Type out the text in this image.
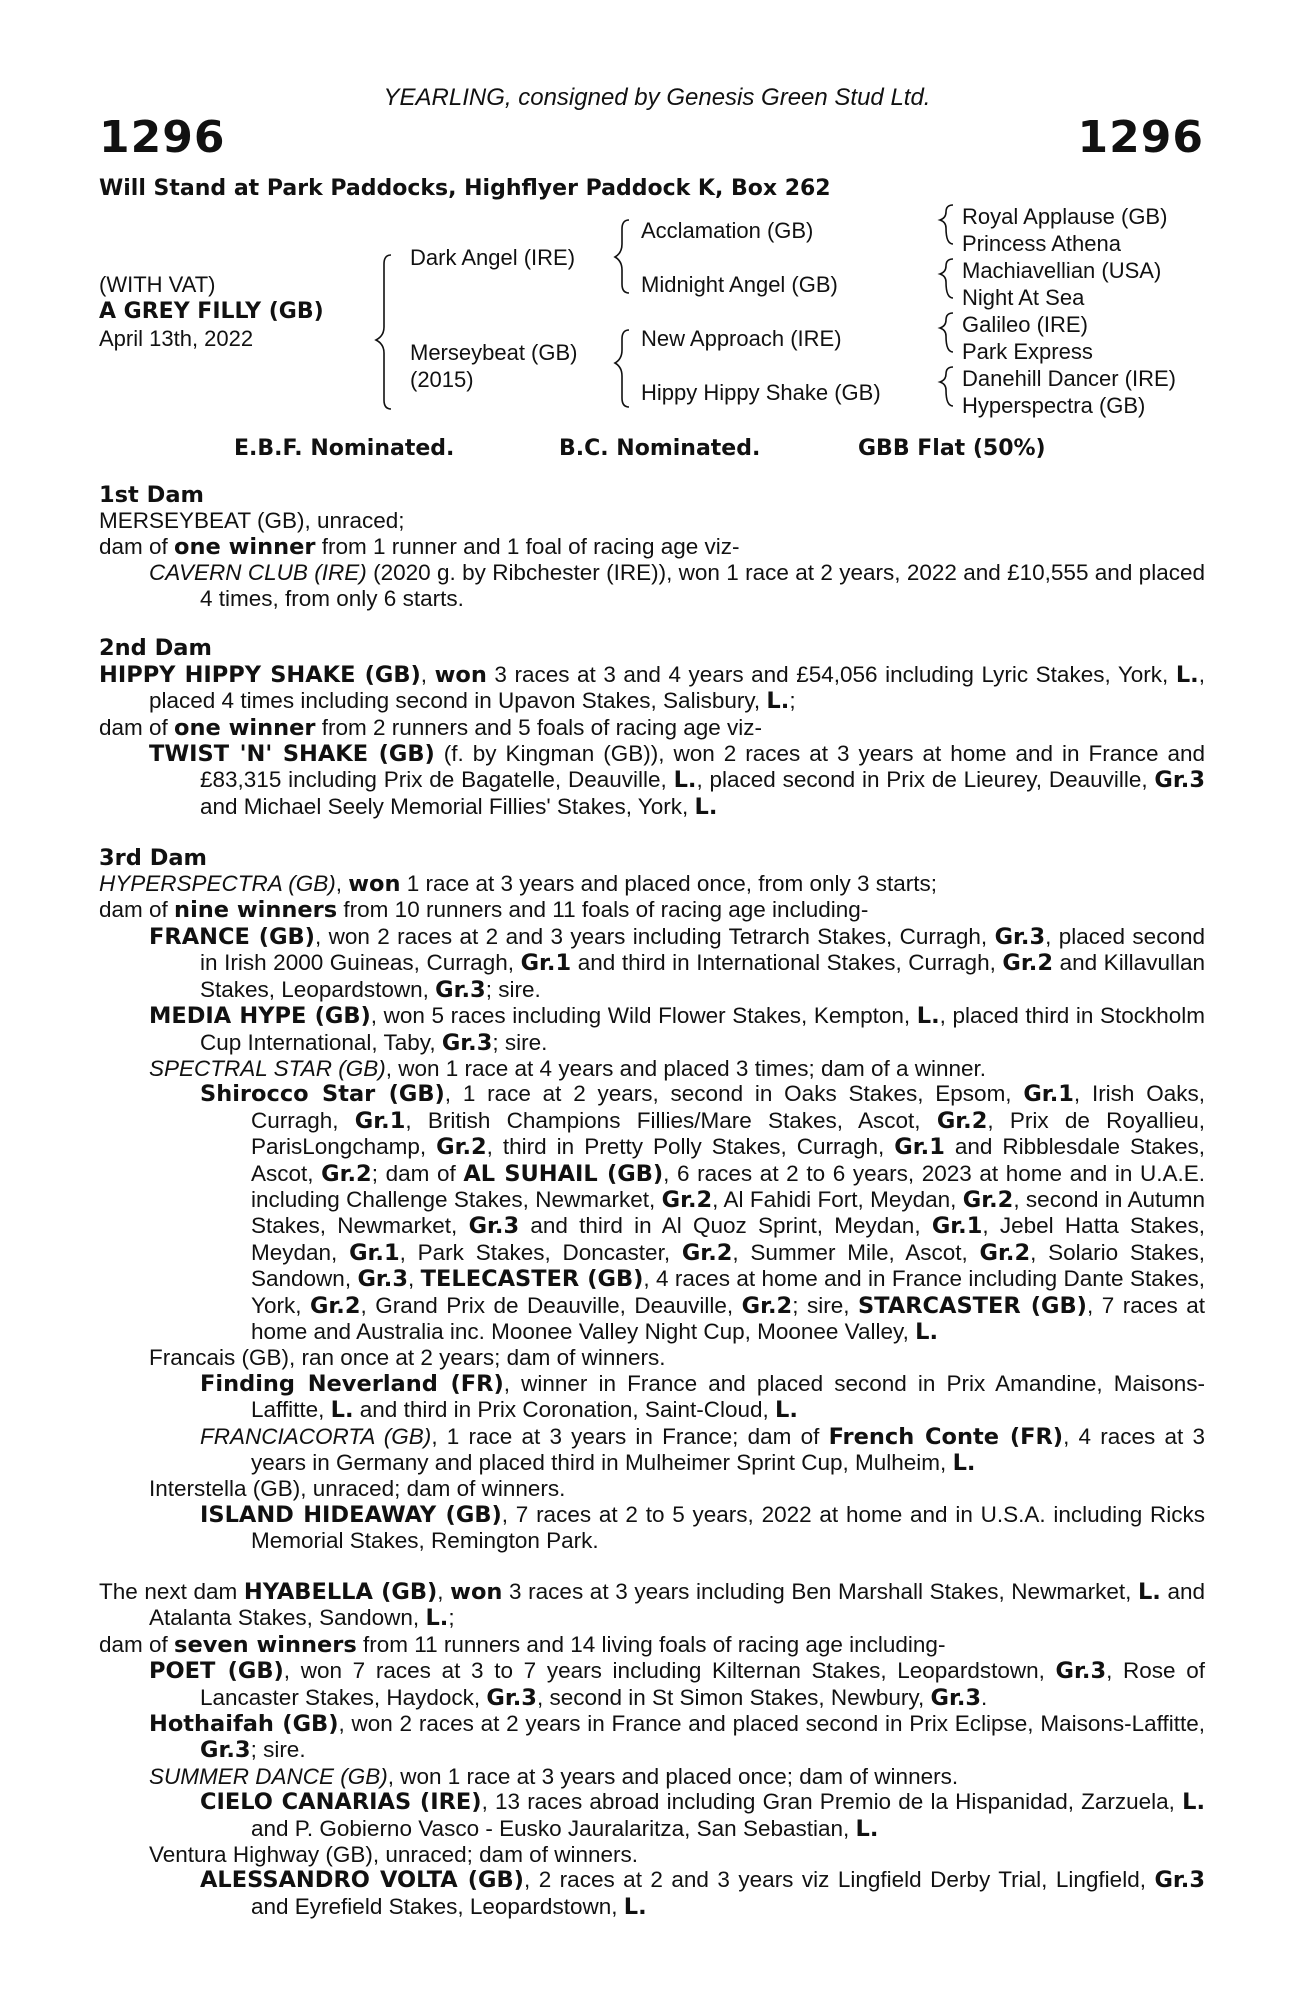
YEARLING, consigned by Genesis Green Stud Ltd.
1296	1296
Will Stand at Park Paddocks, Highflyer Paddock K, Box 262
(WITH VAT)
A GREY FILLY (GB)
April 13th, 2022
Dark Angel (IRE)
Merseybeat (GB)
(2015)
Acclamation (GB)
Midnight Angel (GB)
New Approach (IRE)
Hippy Hippy Shake (GB)
Royal Applause (GB)
Princess Athena
Machiavellian (USA)
Night At Sea
Galileo (IRE)
Park Express
Danehill Dancer (IRE)
Hyperspectra (GB)
E.B.F. Nominated.	B.C. Nominated.	GBB Flat (50%)

1st Dam

MERSEYBEAT (GB), unraced;

dam of one winner from 1 runner and 1 foal of racing age viz-

CAVERN CLUB (IRE) (2020 g. by Ribchester (IRE)), won 1 race at 2 years, 2022 and £10,555 and placed 4 times, from only 6 starts.

2nd Dam

HIPPY HIPPY SHAKE (GB), won 3 races at 3 and 4 years and £54,056 including Lyric Stakes, York, L., placed 4 times including second in Upavon Stakes, Salisbury, L.;

dam of one winner from 2 runners and 5 foals of racing age viz-

TWIST 'N' SHAKE (GB) (f. by Kingman (GB)), won 2 races at 3 years at home and in France and £83,315 including Prix de Bagatelle, Deauville, L., placed second in Prix de Lieurey, Deauville, Gr.3 and Michael Seely Memorial Fillies' Stakes, York, L.

3rd Dam

HYPERSPECTRA (GB), won 1 race at 3 years and placed once, from only 3 starts;

dam of nine winners from 10 runners and 11 foals of racing age including-

FRANCE (GB), won 2 races at 2 and 3 years including Tetrarch Stakes, Curragh, Gr.3, placed second in Irish 2000 Guineas, Curragh, Gr.1 and third in International Stakes, Curragh, Gr.2 and Killavullan Stakes, Leopardstown, Gr.3; sire.

MEDIA HYPE (GB), won 5 races including Wild Flower Stakes, Kempton, L., placed third in Stockholm Cup International, Taby, Gr.3; sire.

SPECTRAL STAR (GB), won 1 race at 4 years and placed 3 times; dam of a winner.

Shirocco Star (GB), 1 race at 2 years, second in Oaks Stakes, Epsom, Gr.1, Irish Oaks, Curragh, Gr.1, British Champions Fillies/Mare Stakes, Ascot, Gr.2, Prix de Royallieu, ParisLongchamp, Gr.2, third in Pretty Polly Stakes, Curragh, Gr.1 and Ribblesdale Stakes, Ascot, Gr.2; dam of AL SUHAIL (GB), 6 races at 2 to 6 years, 2023 at home and in U.A.E. including Challenge Stakes, Newmarket, Gr.2, Al Fahidi Fort, Meydan, Gr.2, second in Autumn Stakes, Newmarket, Gr.3 and third in Al Quoz Sprint, Meydan, Gr.1, Jebel Hatta Stakes, Meydan, Gr.1, Park Stakes, Doncaster, Gr.2, Summer Mile, Ascot, Gr.2, Solario Stakes, Sandown, Gr.3, TELECASTER (GB), 4 races at home and in France including Dante Stakes, York, Gr.2, Grand Prix de Deauville, Deauville, Gr.2; sire, STARCASTER (GB), 7 races at home and Australia inc. Moonee Valley Night Cup, Moonee Valley, L.

Francais (GB), ran once at 2 years; dam of winners.

Finding Neverland (FR), winner in France and placed second in Prix Amandine, Maisons-Laffitte, L. and third in Prix Coronation, Saint-Cloud, L.

FRANCIACORTA (GB), 1 race at 3 years in France; dam of French Conte (FR), 4 races at 3 years in Germany and placed third in Mulheimer Sprint Cup, Mulheim, L.

Interstella (GB), unraced; dam of winners.

ISLAND HIDEAWAY (GB), 7 races at 2 to 5 years, 2022 at home and in U.S.A. including Ricks Memorial Stakes, Remington Park.

The next dam HYABELLA (GB), won 3 races at 3 years including Ben Marshall Stakes, Newmarket, L. and Atalanta Stakes, Sandown, L.;

dam of seven winners from 11 runners and 14 living foals of racing age including-

POET (GB), won 7 races at 3 to 7 years including Kilternan Stakes, Leopardstown, Gr.3, Rose of Lancaster Stakes, Haydock, Gr.3, second in St Simon Stakes, Newbury, Gr.3.

Hothaifah (GB), won 2 races at 2 years in France and placed second in Prix Eclipse, Maisons-Laffitte, Gr.3; sire.

SUMMER DANCE (GB), won 1 race at 3 years and placed once; dam of winners.

CIELO CANARIAS (IRE), 13 races abroad including Gran Premio de la Hispanidad, Zarzuela, L. and P. Gobierno Vasco - Eusko Jauralaritza, San Sebastian, L.

Ventura Highway (GB), unraced; dam of winners.

ALESSANDRO VOLTA (GB), 2 races at 2 and 3 years viz Lingfield Derby Trial, Lingfield, Gr.3 and Eyrefield Stakes, Leopardstown, L.
